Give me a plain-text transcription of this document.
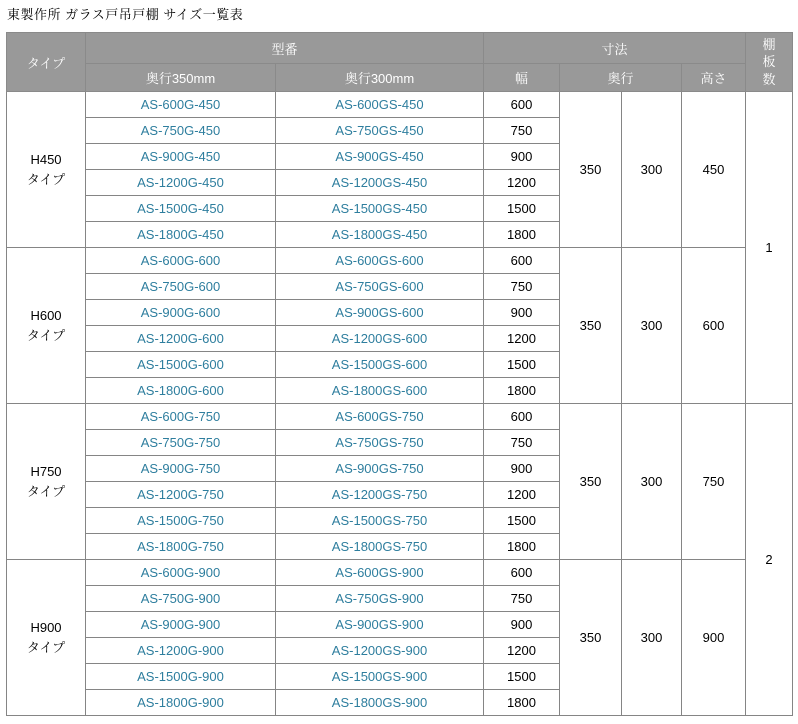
東製作所 ガラス戸吊戸棚 サイズ一覧表
タイプ	型番		寸法				棚板数

	奥行350mm	奥行300mm	幅	奥行		高さ	

H450
タイプ	AS-600G-450	AS-600GS-450	600	350	300	450	1
	AS-750G-450	AS-750GS-450	750				
	AS-900G-450	AS-900GS-450	900				
	AS-1200G-450	AS-1200GS-450	1200				
	AS-1500G-450	AS-1500GS-450	1500				
	AS-1800G-450	AS-1800GS-450	1800				

H600
タイプ	AS-600G-600	AS-600GS-600	600	350	300	600	
	AS-750G-600	AS-750GS-600	750				
	AS-900G-600	AS-900GS-600	900				
	AS-1200G-600	AS-1200GS-600	1200				
	AS-1500G-600	AS-1500GS-600	1500				
	AS-1800G-600	AS-1800GS-600	1800				

H750
タイプ	AS-600G-750	AS-600GS-750	600	350	300	750	2
	AS-750G-750	AS-750GS-750	750				
	AS-900G-750	AS-900GS-750	900				
	AS-1200G-750	AS-1200GS-750	1200				
	AS-1500G-750	AS-1500GS-750	1500				
	AS-1800G-750	AS-1800GS-750	1800				

H900
タイプ	AS-600G-900	AS-600GS-900	600	350	300	900	
	AS-750G-900	AS-750GS-900	750				
	AS-900G-900	AS-900GS-900	900				
	AS-1200G-900	AS-1200GS-900	1200				
	AS-1500G-900	AS-1500GS-900	1500				
	AS-1800G-900	AS-1800GS-900	1800				
